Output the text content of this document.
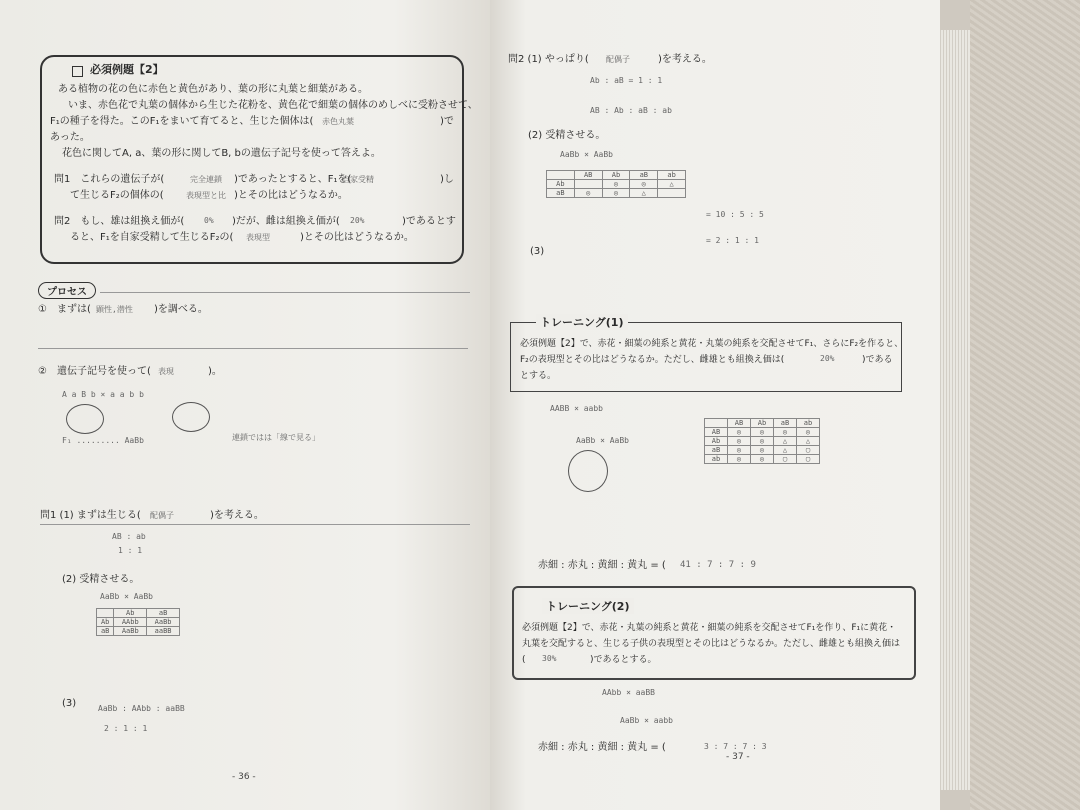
必須例題【2】
ある植物の花の色に赤色と黄色があり、葉の形に丸葉と細葉がある。
いま、赤色花で丸葉の個体から生じた花粉を、黄色花で細葉の個体のめしべに受粉させて、
F₁の種子を得た。このF₁をまいて育てると、生じた個体は( 赤色丸葉	)で
あった。
花色に関してA, a、葉の形に関してB, bの遺伝子記号を使って答えよ。
問1　これらの遺伝子が(	完全連鎖 )であったとすると、F₁を(
自家受精	)し
て生じるF₂の個体の(	表現型と比 )とその比はどうなるか。
問2　もし、雄は組換え価が( 0% )だが、雌は組換え価が( 20%	)であるとす
ると、F₁を自家受精して生じるF₂の( 表現型	)とその比はどうなるか。
プロセス
①　まずは( 顕性,潜性 )を調べる。
②　遺伝子記号を使って( 表現	)。
A a B b × a a b b
F₁ ......... AaBb	連鎖ではは「線で見る」
問1 (1) まずは生じる( 配偶子	)を考える。
AB : ab
1 : 1
(2) 受精させる。
AaBb × AaBb
	Ab	aB
Ab	AAbb	AaBb
aB	AaBb	aaBB
(3)	AaBb : AAbb : aaBB
2 : 1 : 1
- 36 -
問2 (1) やっぱり( 配偶子	)を考える。
Ab : aB = 1 : 1
AB : Ab : aB : ab
(2) 受精させる。
AaBb × AaBb
	AB	Ab	aB	ab
Ab		◎	◎	△
aB	◎	◎	△	
= 10 : 5 : 5
= 2 : 1 : 1
(3)
トレーニング(1)
必須例題【2】で、赤花・細葉の純系と黄花・丸葉の純系を交配させてF₁、さらにF₂を作ると、
F₂の表現型とその比はどうなるか。ただし、雌雄とも組換え価は(	20%	)である
とする。
AABB × aabb
AaBb × AaBb
	AB	Ab	aB	ab
AB	◎	◎	◎	◎
Ab	◎	◎	△	△
aB	◎	◎	△	▢
ab	◎	◎	▢	▢
赤細 : 赤丸 : 黄細 : 黄丸 = ( 41 : 7 : 7 : 9
トレーニング(2)
必須例題【2】で、赤花・丸葉の純系と黄花・細葉の純系を交配させてF₁を作り、F₁に黄花・
丸葉を交配すると、生じる子供の表現型とその比はどうなるか。ただし、雌雄とも組換え価は
( 30%	)であるとする。
AAbb × aaBB
AaBb × aabb
赤細 : 赤丸 : 黄細 : 黄丸 = (	3 : 7 : 7 : 3
- 37 -
